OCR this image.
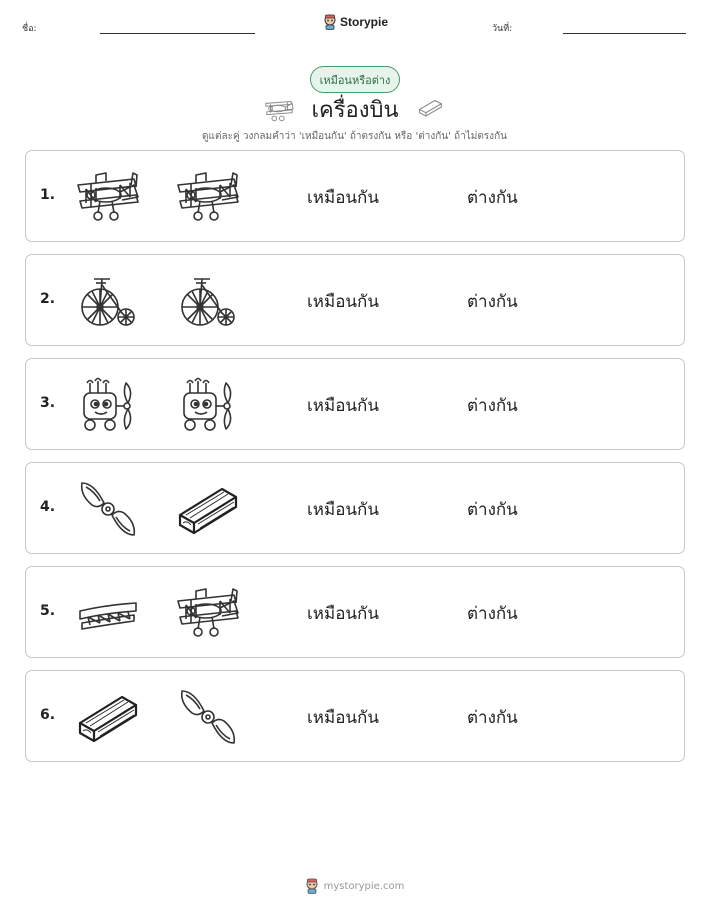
ชื่อ:	Storypie	วันที่:
เหมือนหรือต่าง
เครื่องบิน
ดูแต่ละคู่ วงกลมคำว่า 'เหมือนกัน' ถ้าตรงกัน หรือ 'ต่างกัน' ถ้าไม่ตรงกัน
1.	เหมือนกัน	ต่างกัน
2.	เหมือนกัน	ต่างกัน
3.	เหมือนกัน	ต่างกัน
4.	เหมือนกัน	ต่างกัน
5.	เหมือนกัน	ต่างกัน
6.	เหมือนกัน	ต่างกัน
mystorypie.com
